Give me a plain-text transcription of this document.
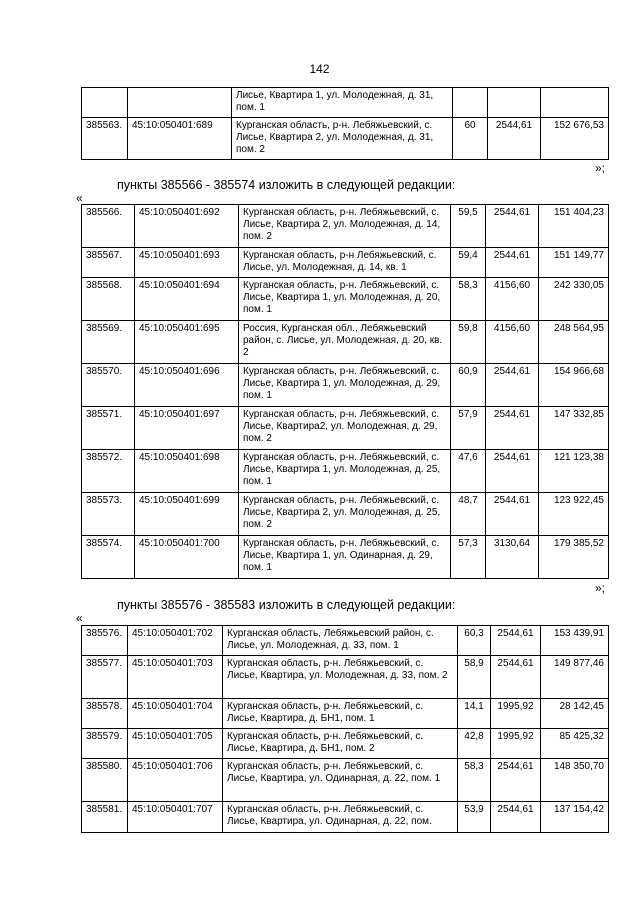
142
		Лисье, Квартира 1, ул. Молодежная, д. 31, пом. 1			
385563.	45:10:050401:689	Курганская область, р-н. Лебяжьевский, с. Лисье, Квартира 2, ул. Молодежная, д. 31, пом. 2	60	2544,61	152 676,53
»;
пункты 385566 - 385574 изложить в следующей редакции:
«
385566.	45:10:050401:692	Курганская область, р-н. Лебяжьевский, с. Лисье, Квартира 2, ул. Молодежная, д. 14, пом. 2	59,5	2544,61	151 404,23
385567.	45:10:050401:693	Курганская область, р-н Лебяжьевский, с. Лисье, ул. Молодежная, д. 14, кв. 1	59,4	2544,61	151 149,77
385568.	45:10:050401:694	Курганская область, р-н. Лебяжьевский, с. Лисье, Квартира 1, ул. Молодежная, д. 20, пом. 1	58,3	4156,60	242 330,05
385569.	45:10:050401:695	Россия, Курганская обл., Лебяжьевский район, с. Лисье, ул. Молодежная, д. 20, кв. 2	59,8	4156,60	248 564,95
385570.	45:10:050401:696	Курганская область, р-н. Лебяжьевский, с. Лисье, Квартира 1, ул. Молодежная, д. 29, пом. 1	60,9	2544,61	154 966,68
385571.	45:10:050401:697	Курганская область, р-н. Лебяжьевский, с. Лисье, Квартира2, ул. Молодежная, д. 29, пом. 2	57,9	2544,61	147 332,85
385572.	45:10:050401:698	Курганская область, р-н. Лебяжьевский, с. Лисье, Квартира 1, ул. Молодежная, д. 25, пом. 1	47,6	2544,61	121 123,38
385573.	45:10:050401:699	Курганская область, р-н. Лебяжьевский, с. Лисье, Квартира 2, ул. Молодежная, д. 25, пом. 2	48,7	2544,61	123 922,45
385574.	45:10:050401:700	Курганская область, р-н. Лебяжьевский, с. Лисье, Квартира 1, ул. Одинарная, д. 29, пом. 1	57,3	3130,64	179 385,52
»;
пункты 385576 - 385583 изложить в следующей редакции:
«
385576.	45:10:050401:702	Курганская область, Лебяжьевский район, с. Лисье, ул. Молодежная, д. 33, пом. 1	60,3	2544,61	153 439,91
385577.	45:10:050401:703	Курганская область, р-н. Лебяжьевский, с. Лисье, Квартира, ул. Молодежная, д. 33, пом. 2	58,9	2544,61	149 877,46
385578.	45:10:050401:704	Курганская область, р-н. Лебяжьевский, с. Лисье, Квартира, д. БН1, пом. 1	14,1	1995,92	28 142,45
385579.	45:10:050401:705	Курганская область, р-н. Лебяжьевский, с. Лисье, Квартира, д. БН1, пом. 2	42,8	1995,92	85 425,32
385580.	45:10:050401:706	Курганская область, р-н. Лебяжьевский, с. Лисье, Квартира, ул. Одинарная, д. 22, пом. 1	58,3	2544,61	148 350,70
385581.	45:10:050401:707	Курганская область, р-н. Лебяжьевский, с. Лисье, Квартира, ул. Одинарная, д. 22, пом.	53,9	2544,61	137 154,42
